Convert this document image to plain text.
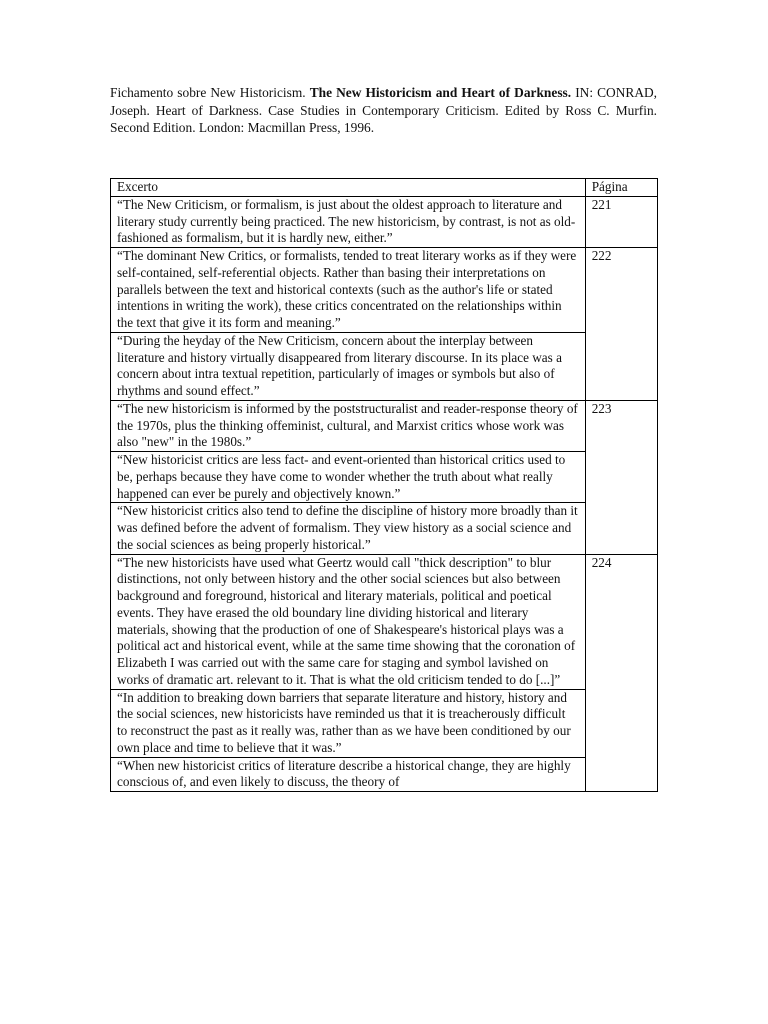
Fichamento sobre New Historicism. The New Historicism and Heart of Darkness. IN: CONRAD, Joseph. Heart of Darkness. Case Studies in Contemporary Criticism. Edited by Ross C. Murfin. Second Edition. London: Macmillan Press, 1996.

Excerto	Página
“The New Criticism, or formalism, is just about the oldest approach to literature and literary study currently being practiced. The new historicism, by contrast, is not as old-fashioned as formalism, but it is hardly new, either.”	221
“The dominant New Critics, or formalists, tended to treat literary works as if they were self-contained, self-referential objects. Rather than basing their interpretations on parallels between the text and historical contexts (such as the author's life or stated intentions in writing the work), these critics concentrated on the relationships within the text that give it its form and meaning.”	222
“During the heyday of the New Criticism, concern about the interplay between literature and history virtually disappeared from literary discourse. In its place was a concern about intra textual repetition, particularly of images or symbols but also of rhythms and sound effect.”	
“The new historicism is informed by the poststructuralist and reader-response theory of the 1970s, plus the thinking offeminist, cultural, and Marxist critics whose work was also "new" in the 1980s.”	223
“New historicist critics are less fact- and event-oriented than historical critics used to be, perhaps because they have come to wonder whether the truth about what really happened can ever be purely and objectively known.”	
“New historicist critics also tend to define the discipline of history more broadly than it was defined before the advent of formalism. They view history as a social science and the social sciences as being properly historical.”	

“The new historicists have used what Geertz would call "thick description" to blur distinctions, not only between history and the other social sciences but also between
background and foreground, historical and literary materials, political and poetical events. They have erased the old boundary line dividing historical and literary materials, showing that the production of one of Shakespeare's historical plays was a political act and historical event, while at the same time showing that the coronation of Elizabeth I was carried out with the same care for staging and symbol lavished on works of dramatic art. relevant to it. That is what the old criticism tended to do [...]”	224
“In addition to breaking down barriers that separate literature and history, history and the social sciences, new historicists have reminded us that it is treacherously difficult to reconstruct the past as it really was, rather than as we have been conditioned by our own place and time to believe that it was.”	
“When new historicist critics of literature describe a historical change, they are highly conscious of, and even likely to discuss, the theory of	
